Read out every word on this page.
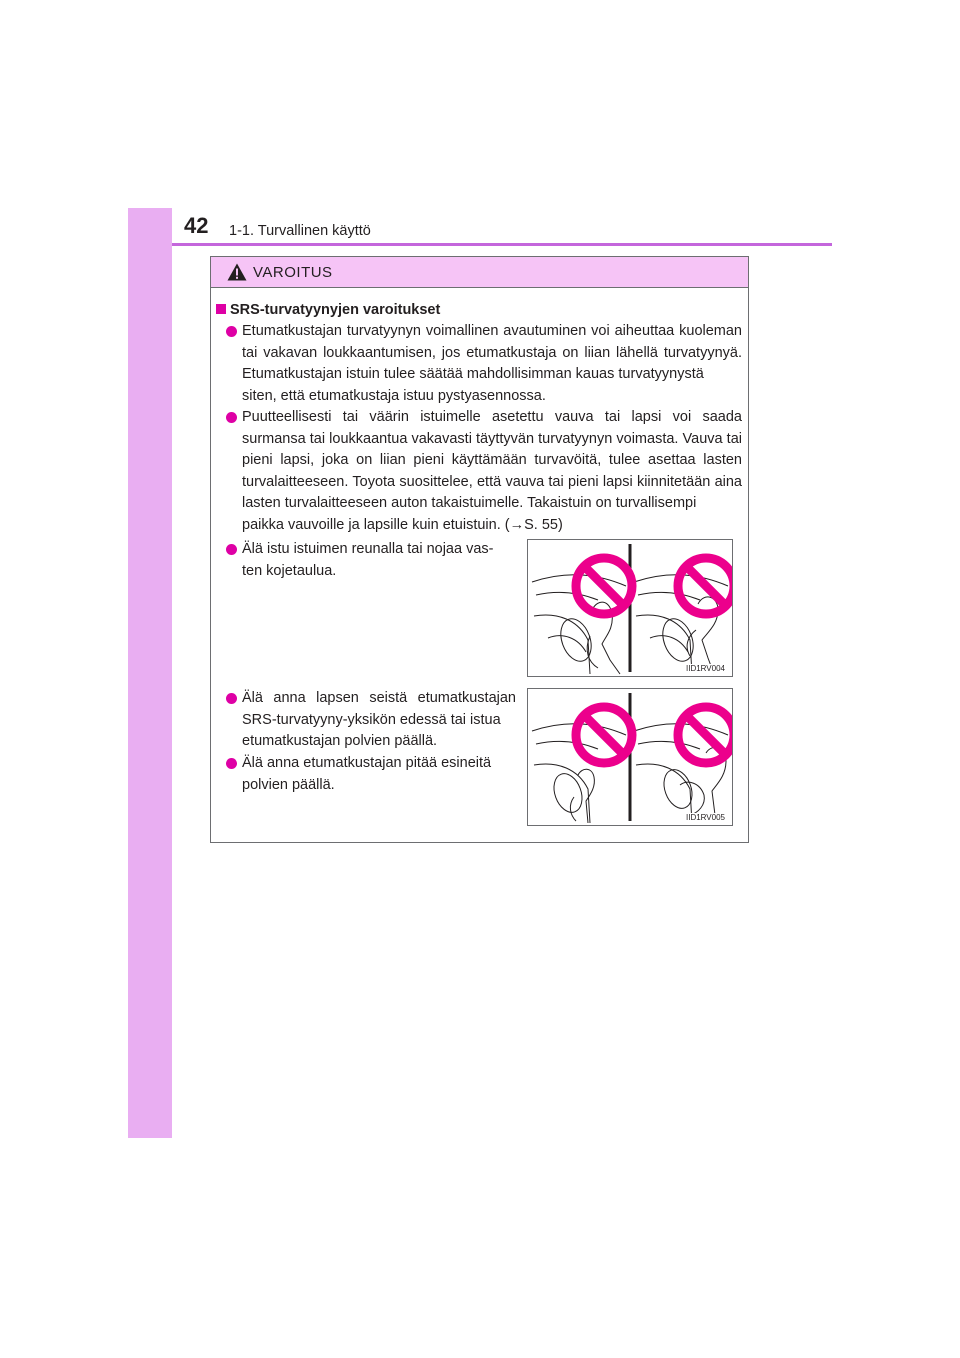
42 1-1. Turvallinen käyttö
VAROITUS
SRS-turvatyynyjen varoitukset
Etumatkustajan turvatyynyn voimallinen avautuminen voi aiheuttaa kuoleman tai vakavan loukkaantumisen, jos etumatkustaja on liian lähellä turvatyynyä. Etumatkustajan istuin tulee säätää mahdollisimman kauas turvatyynystä
siten, että etumatkustaja istuu pystyasennossa.
Puutteellisesti tai väärin istuimelle asetettu vauva tai lapsi voi saada surmansa tai loukkaantua vakavasti täyttyvän turvatyynyn voimasta. Vauva tai pieni lapsi, joka on liian pieni käyttämään turvavöitä, tulee asettaa lasten turvalaitteeseen. Toyota suosittelee, että vauva tai pieni lapsi kiinnitetään aina lasten turvalaitteeseen auton takaistuimelle. Takaistuin on turvallisempi
paikka vauvoille ja lapsille kuin etuistuin. (→S. 55)
Älä istu istuimen reunalla tai nojaa vas-
ten kojetaulua.
Älä anna lapsen seistä etumatkustajan SRS-turvatyyny-yksikön edessä tai istua
etumatkustajan polvien päällä.
Älä anna etumatkustajan pitää esineitä
polvien päällä.
IID1RV004
IID1RV005
